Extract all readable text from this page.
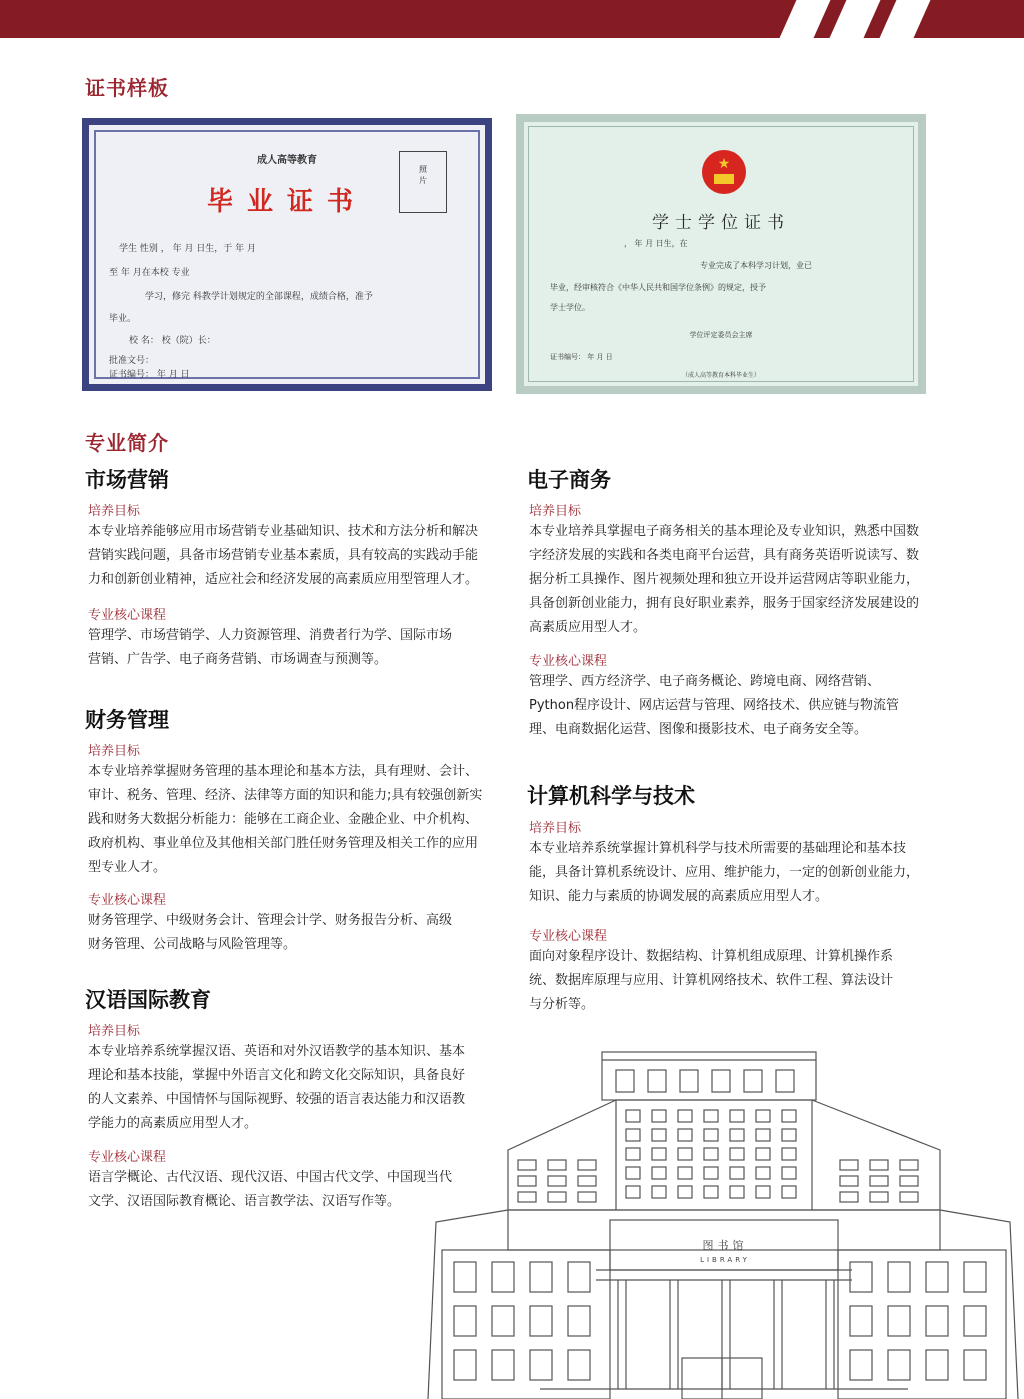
证书样板
成人高等教育
毕业证书
照
片
学生 性别 ， 年 月 日生，于 年 月
至 年 月在本校 专业
学习，修完 科教学计划规定的全部课程，成绩合格，准予
毕业。
校 名： 校（院）长：
批准文号：
证书编号： 年 月 日
★
学士学位证书
， 年 月 日生，在
专业完成了本科学习计划，业已
毕业，经审核符合《中华人民共和国学位条例》的规定，授予
学士学位。
学位评定委员会主席
证书编号： 年 月 日
（成人高等教育本科毕业生）
专业简介
市场营销
培养目标
本专业培养能够应用市场营销专业基础知识、技术和方法分析和解决
营销实践问题，具备市场营销专业基本素质，具有较高的实践动手能
力和创新创业精神，适应社会和经济发展的高素质应用型管理人才。
专业核心课程
管理学、市场营销学、人力资源管理、消费者行为学、国际市场
营销、广告学、电子商务营销、市场调查与预测等。
财务管理
培养目标
本专业培养掌握财务管理的基本理论和基本方法，具有理财、会计、
审计、税务、管理、经济、法律等方面的知识和能力;具有较强创新实
践和财务大数据分析能力：能够在工商企业、金融企业、中介机构、
政府机构、事业单位及其他相关部门胜任财务管理及相关工作的应用
型专业人才。
专业核心课程
财务管理学、中级财务会计、管理会计学、财务报告分析、高级
财务管理、公司战略与风险管理等。
汉语国际教育
培养目标
本专业培养系统掌握汉语、英语和对外汉语教学的基本知识、基本
理论和基本技能，掌握中外语言文化和跨文化交际知识，具备良好
的人文素养、中国情怀与国际视野、较强的语言表达能力和汉语教
学能力的高素质应用型人才。
专业核心课程
语言学概论、古代汉语、现代汉语、中国古代文学、中国现当代
文学、汉语国际教育概论、语言教学法、汉语写作等。
电子商务
培养目标
本专业培养具掌握电子商务相关的基本理论及专业知识，熟悉中国数
字经济发展的实践和各类电商平台运营，具有商务英语听说读写、数
据分析工具操作、图片视频处理和独立开设并运营网店等职业能力，
具备创新创业能力，拥有良好职业素养，服务于国家经济发展建设的
高素质应用型人才。
专业核心课程
管理学、西方经济学、电子商务概论、跨境电商、网络营销、
Python程序设计、网店运营与管理、网络技术、供应链与物流管
理、电商数据化运营、图像和摄影技术、电子商务安全等。
计算机科学与技术
培养目标
本专业培养系统掌握计算机科学与技术所需要的基础理论和基本技
能，具备计算机系统设计、应用、维护能力，一定的创新创业能力，
知识、能力与素质的协调发展的高素质应用型人才。
专业核心课程
面向对象程序设计、数据结构、计算机组成原理、计算机操作系
统、数据库原理与应用、计算机网络技术、软件工程、算法设计
与分析等。
图书馆
LIBRARY
